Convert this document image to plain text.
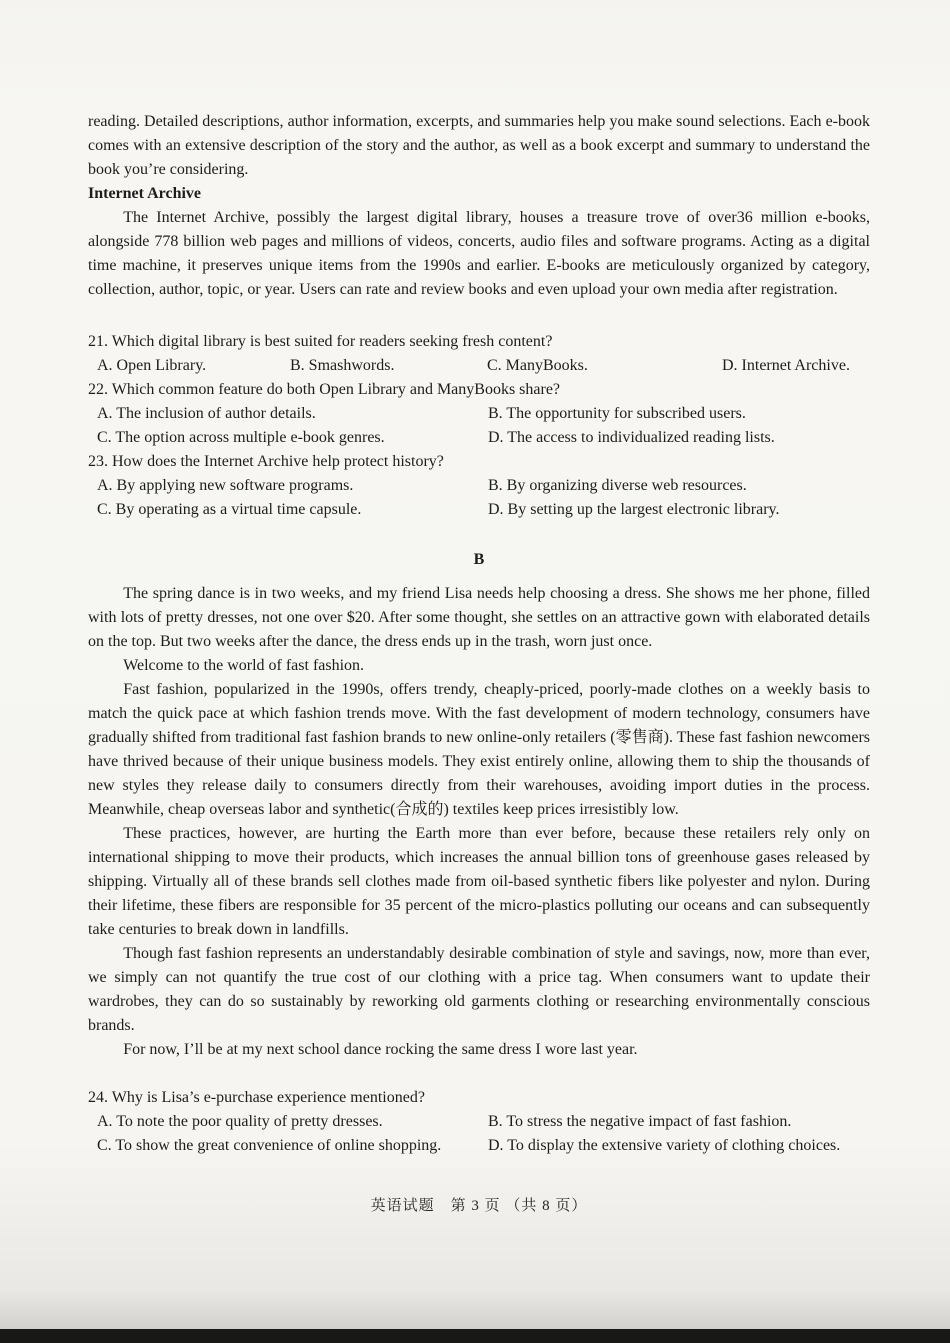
reading. Detailed descriptions, author information, excerpts, and summaries help you make sound selections. Each e-book comes with an extensive description of the story and the author, as well as a book excerpt and summary to understand the book you’re considering.

Internet Archive

The Internet Archive, possibly the largest digital library, houses a treasure trove of over36 million e-books, alongside 778 billion web pages and millions of videos, concerts, audio files and software programs. Acting as a digital time machine, it preserves unique items from the 1990s and earlier. E-books are meticulously organized by category, collection, author, topic, or year. Users can rate and review books and even upload your own media after registration.

21. Which digital library is best suited for readers seeking fresh content?

A. Open Library.	B. Smashwords.	C. ManyBooks.	D. Internet Archive.

22. Which common feature do both Open Library and ManyBooks share?

A. The inclusion of author details.	B. The opportunity for subscribed users.
C. The option across multiple e-book genres.	D. The access to individualized reading lists.

23. How does the Internet Archive help protect history?

A. By applying new software programs.	B. By organizing diverse web resources.
C. By operating as a virtual time capsule.	D. By setting up the largest electronic library.

B

The spring dance is in two weeks, and my friend Lisa needs help choosing a dress. She shows me her phone, filled with lots of pretty dresses, not one over $20. After some thought, she settles on an attractive gown with elaborated details on the top. But two weeks after the dance, the dress ends up in the trash, worn just once.

Welcome to the world of fast fashion.

Fast fashion, popularized in the 1990s, offers trendy, cheaply-priced, poorly-made clothes on a weekly basis to match the quick pace at which fashion trends move. With the fast development of modern technology, consumers have gradually shifted from traditional fast fashion brands to new online-only retailers (零售商). These fast fashion newcomers have thrived because of their unique business models. They exist entirely online, allowing them to ship the thousands of new styles they release daily to consumers directly from their warehouses, avoiding import duties in the process. Meanwhile, cheap overseas labor and synthetic(合成的) textiles keep prices irresistibly low.

These practices, however, are hurting the Earth more than ever before, because these retailers rely only on international shipping to move their products, which increases the annual billion tons of greenhouse gases released by shipping. Virtually all of these brands sell clothes made from oil-based synthetic fibers like polyester and nylon. During their lifetime, these fibers are responsible for 35 percent of the micro-plastics polluting our oceans and can subsequently take centuries to break down in landfills.

Though fast fashion represents an understandably desirable combination of style and savings, now, more than ever, we simply can not quantify the true cost of our clothing with a price tag. When consumers want to update their wardrobes, they can do so sustainably by reworking old garments clothing or researching environmentally conscious brands.

For now, I’ll be at my next school dance rocking the same dress I wore last year.

24. Why is Lisa’s e-purchase experience mentioned?

A. To note the poor quality of pretty dresses.	B. To stress the negative impact of fast fashion.
C. To show the great convenience of online shopping.	D. To display the extensive variety of clothing choices.

英语试题　第 3 页 （共 8 页）
